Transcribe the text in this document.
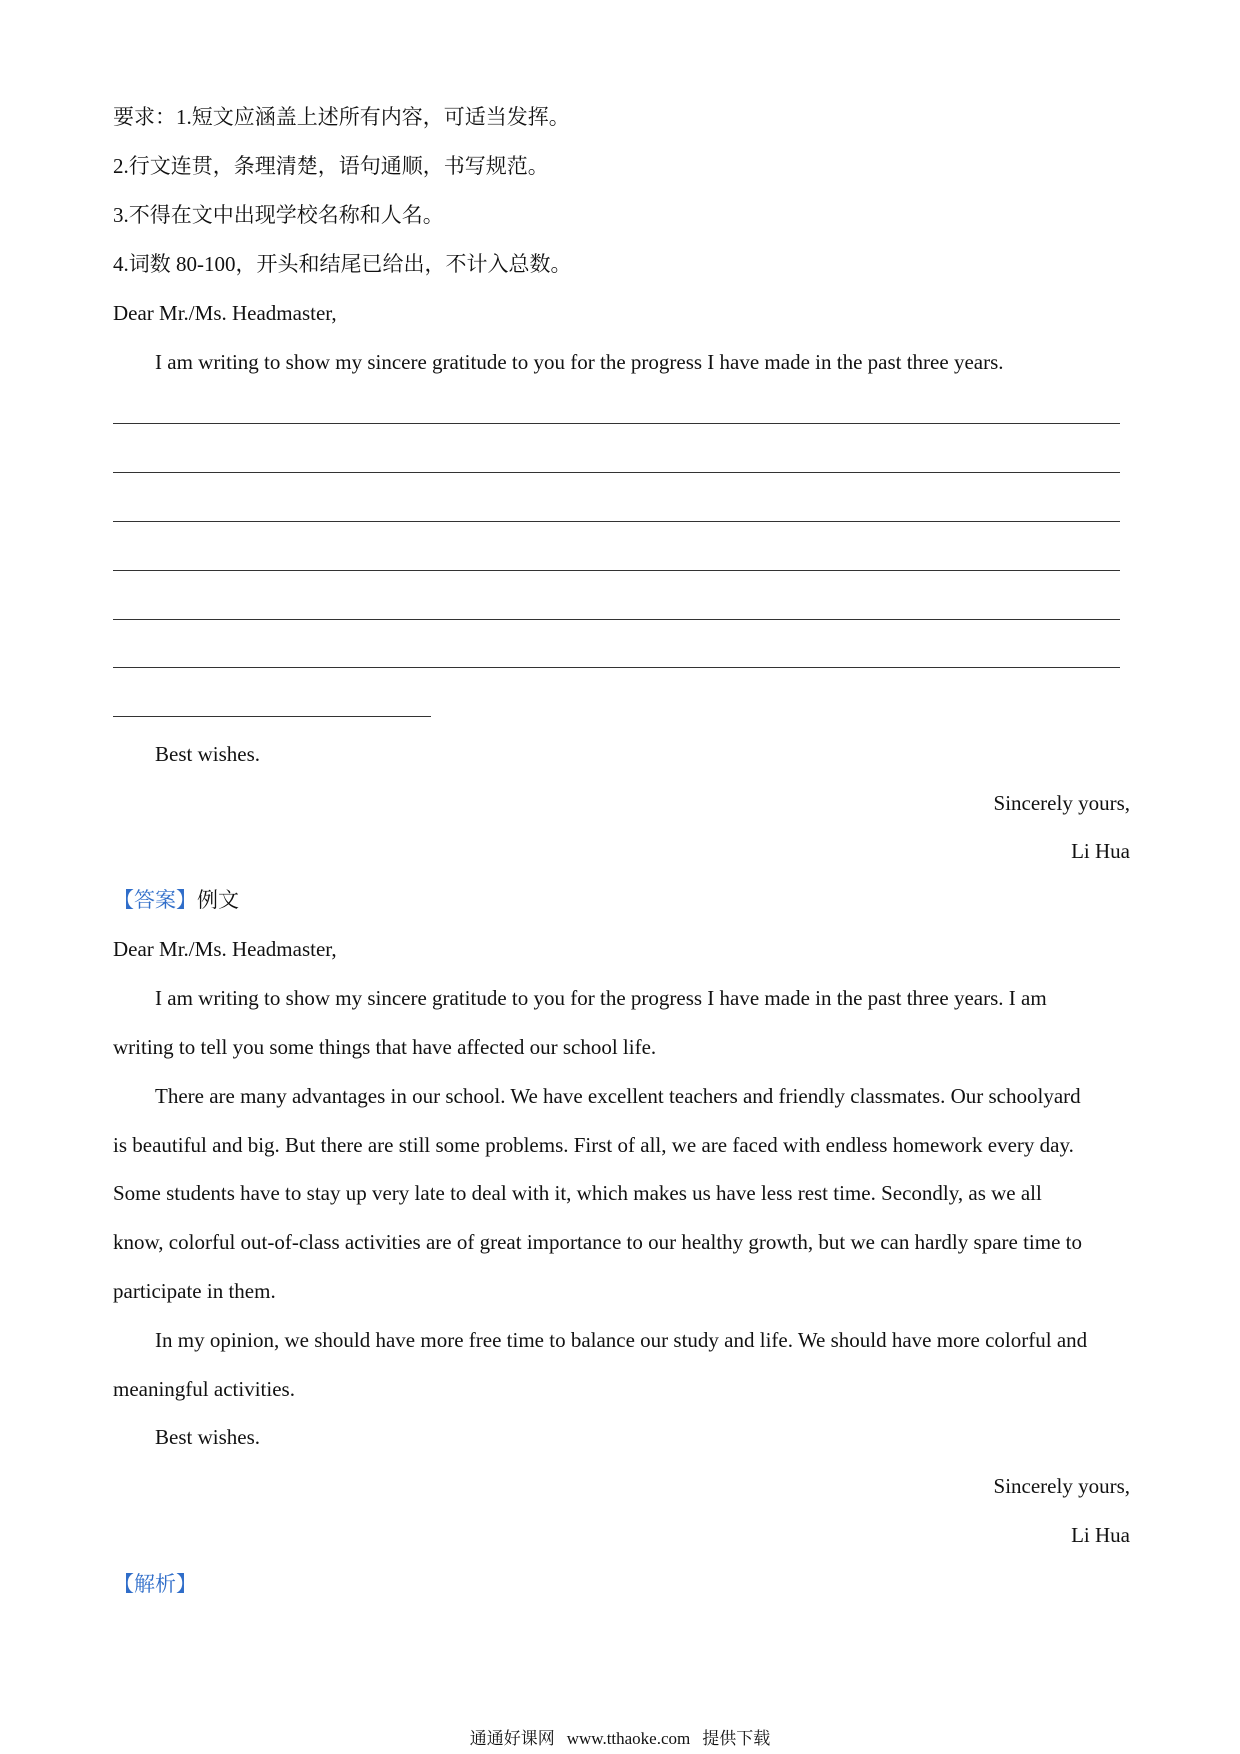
要求：1.短文应涵盖上述所有内容，可适当发挥。
2.行文连贯，条理清楚，语句通顺，书写规范。
3.不得在文中出现学校名称和人名。
4.词数 80-100，开头和结尾已给出，不计入总数。
Dear Mr./Ms. Headmaster,
I am writing to show my sincere gratitude to you for the progress I have made in the past three years.
Best wishes.
Sincerely yours,
Li Hua
【答案】例文
Dear Mr./Ms. Headmaster,
I am writing to show my sincere gratitude to you for the progress I have made in the past three years. I am
writing to tell you some things that have affected our school life.
There are many advantages in our school. We have excellent teachers and friendly classmates. Our schoolyard
is beautiful and big. But there are still some problems. First of all, we are faced with endless homework every day.
Some students have to stay up very late to deal with it, which makes us have less rest time. Secondly, as we all
know, colorful out-of-class activities are of great importance to our healthy growth, but we can hardly spare time to
participate in them.
In my opinion, we should have more free time to balance our study and life. We should have more colorful and
meaningful activities.
Best wishes.
Sincerely yours,
Li Hua
【解析】
通通好课网 www.tthaoke.com 提供下载
